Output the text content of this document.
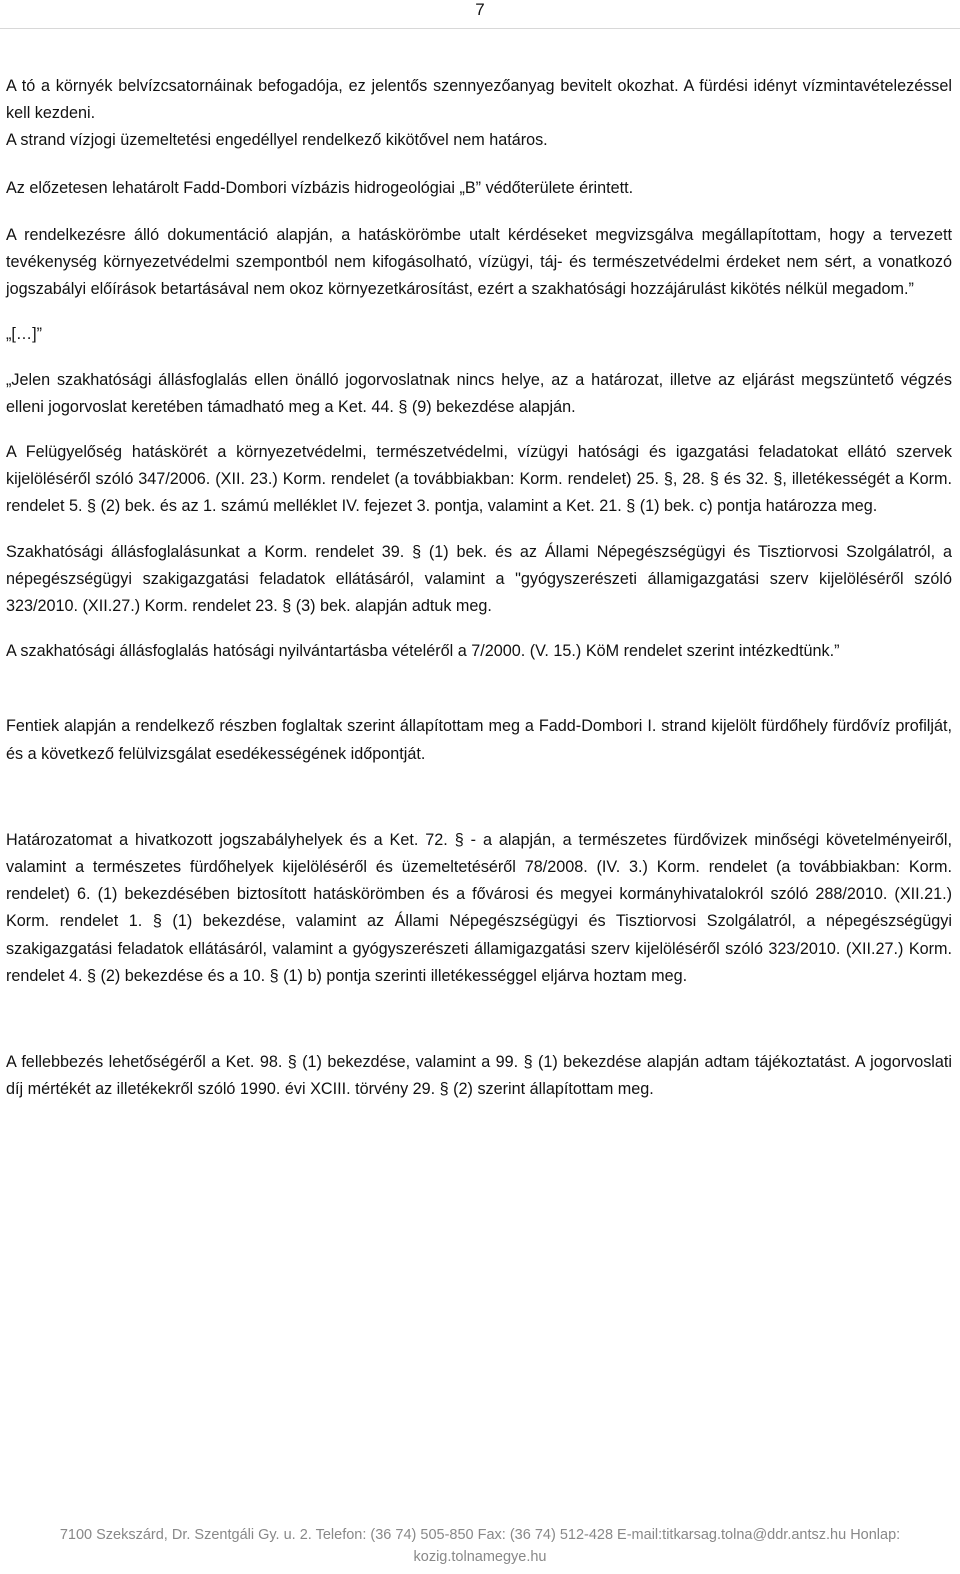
7

A tó a környék belvízcsatornáinak befogadója, ez jelentős szennyezőanyag bevitelt okozhat. A fürdési idényt vízmintavételezéssel kell kezdeni.

A strand vízjogi üzemeltetési engedéllyel rendelkező kikötővel nem határos.

Az előzetesen lehatárolt Fadd-Dombori vízbázis hidrogeológiai „B” védőterülete érintett.

A rendelkezésre álló dokumentáció alapján, a hatáskörömbe utalt kérdéseket megvizsgálva megállapítottam, hogy a tervezett tevékenység környezetvédelmi szempontból nem kifogásolható, vízügyi, táj- és természetvédelmi érdeket nem sért, a vonatkozó jogszabályi előírások betartásával nem okoz környezetkárosítást, ezért a szakhatósági hozzájárulást kikötés nélkül megadom.”

„[…]”

„Jelen szakhatósági állásfoglalás ellen önálló jogorvoslatnak nincs helye, az a határozat, illetve az eljárást megszüntető végzés elleni jogorvoslat keretében támadható meg a Ket. 44. § (9) bekezdése alapján.

A Felügyelőség hatáskörét a környezetvédelmi, természetvédelmi, vízügyi hatósági és igazgatási feladatokat ellátó szervek kijelöléséről szóló 347/2006. (XII. 23.) Korm. rendelet (a továbbiakban: Korm. rendelet) 25. §, 28. § és 32. §, illetékességét a Korm. rendelet 5. § (2) bek. és az 1. számú melléklet IV. fejezet 3. pontja, valamint a Ket. 21. § (1) bek. c) pontja határozza meg.

Szakhatósági állásfoglalásunkat a Korm. rendelet 39. § (1) bek. és az Állami Népegészségügyi és Tisztiorvosi Szolgálatról, a népegészségügyi szakigazgatási feladatok ellátásáról, valamint a "gyógyszerészeti államigazgatási szerv kijelöléséről szóló 323/2010. (XII.27.) Korm. rendelet 23. § (3) bek. alapján adtuk meg.

A szakhatósági állásfoglalás hatósági nyilvántartásba vételéről a 7/2000. (V. 15.) KöM rendelet szerint intézkedtünk.”

Fentiek alapján a rendelkező részben foglaltak szerint állapítottam meg a Fadd-Dombori I. strand kijelölt fürdőhely fürdővíz profilját, és a következő felülvizsgálat esedékességének időpontját.

Határozatomat a hivatkozott jogszabályhelyek és a Ket. 72. § - a alapján, a természetes fürdővizek minőségi követelményeiről, valamint a természetes fürdőhelyek kijelöléséről és üzemeltetéséről 78/2008. (IV. 3.) Korm. rendelet (a továbbiakban: Korm. rendelet) 6. (1) bekezdésében biztosított hatáskörömben és a fővárosi és megyei kormányhivatalokról szóló 288/2010. (XII.21.) Korm. rendelet 1. § (1) bekezdése, valamint az Állami Népegészségügyi és Tisztiorvosi Szolgálatról, a népegészségügyi szakigazgatási feladatok ellátásáról, valamint a gyógyszerészeti államigazgatási szerv kijelöléséről szóló 323/2010. (XII.27.) Korm. rendelet 4. § (2) bekezdése és a 10. § (1) b) pontja szerinti illetékességgel eljárva hoztam meg.

A fellebbezés lehetőségéről a Ket. 98. § (1) bekezdése, valamint a 99. § (1) bekezdése alapján adtam tájékoztatást. A jogorvoslati díj mértékét az illetékekről szóló 1990. évi XCIII. törvény 29. § (2) szerint állapítottam meg.

7100 Szekszárd, Dr. Szentgáli Gy. u. 2. Telefon: (36 74) 505-850 Fax: (36 74) 512-428 E-mail:titkarsag.tolna@ddr.antsz.hu Honlap:
kozig.tolnamegye.hu
